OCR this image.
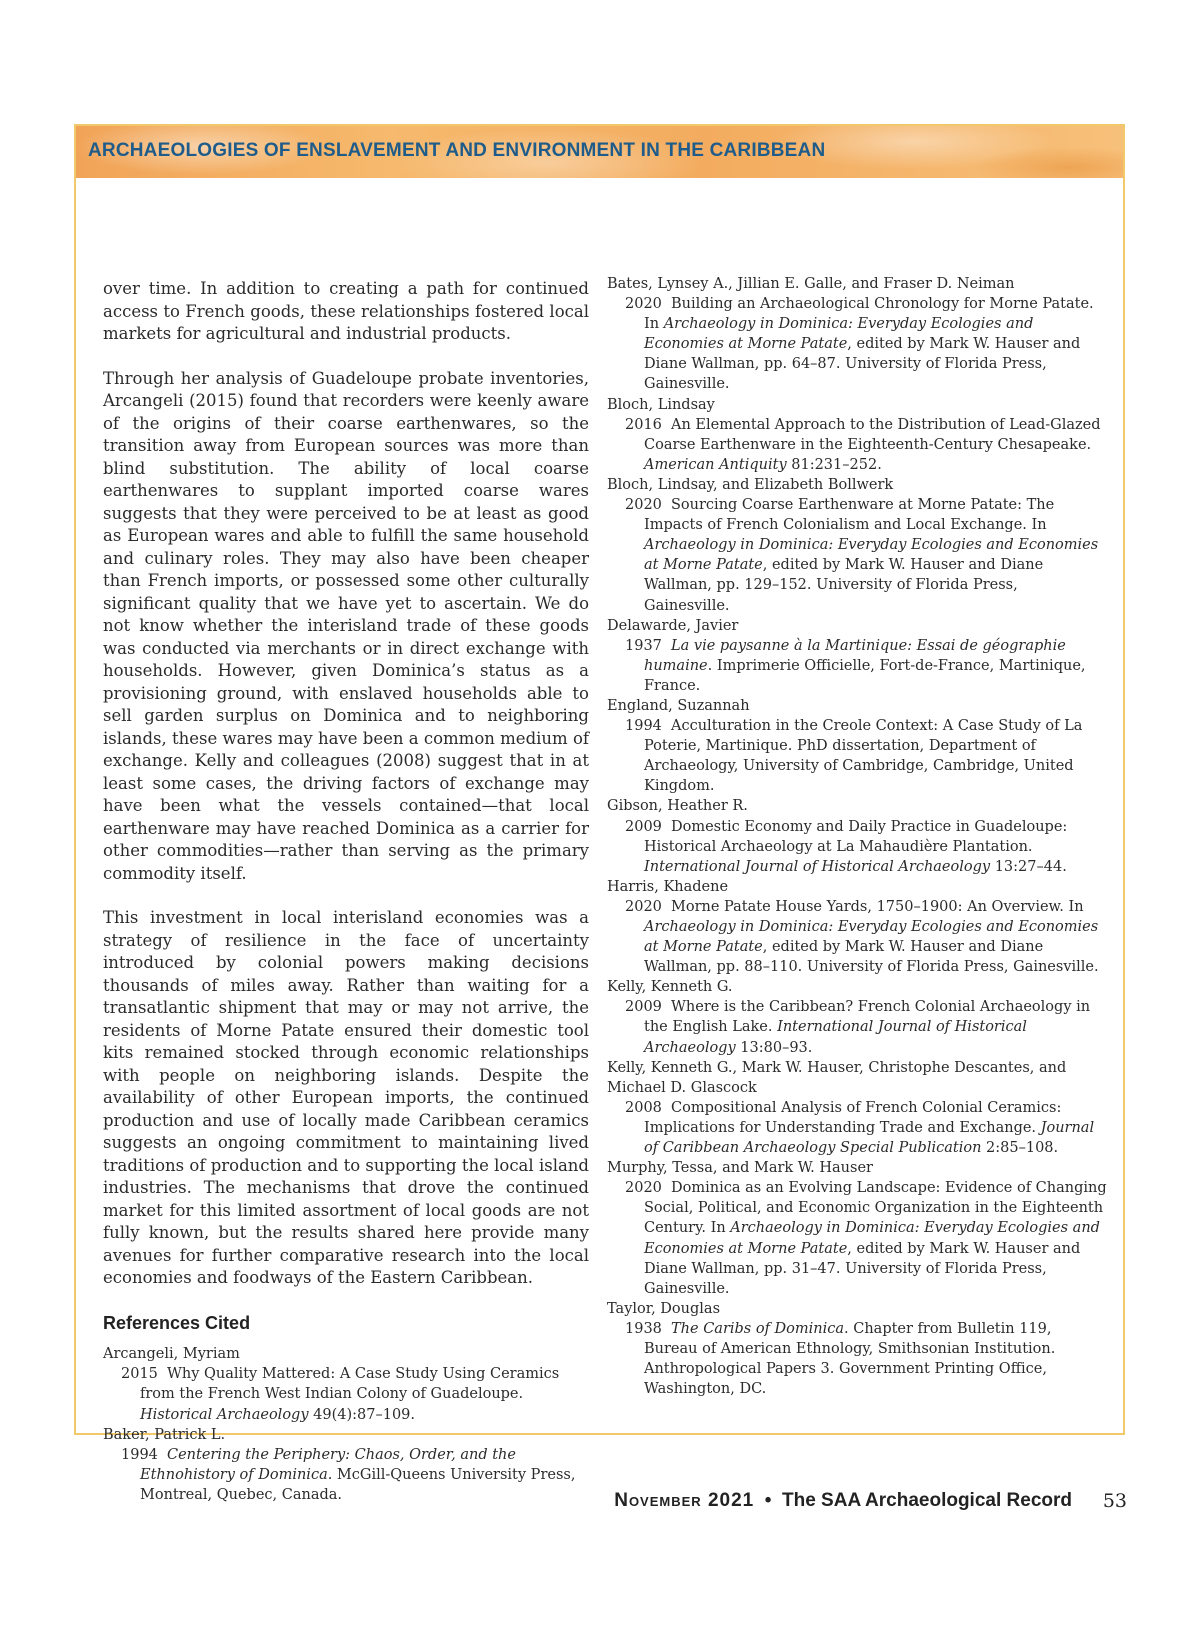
ARCHAEOLOGIES OF ENSLAVEMENT AND ENVIRONMENT IN THE CARIBBEAN

over time. In addition to creating a path for continued access to French goods, these relationships fostered local markets for agricultural and industrial products.

Through her analysis of Guadeloupe probate inventories, Arcangeli (2015) found that recorders were keenly aware of the origins of their coarse earthenwares, so the transition away from European sources was more than blind substitution. The ability of local coarse earthenwares to supplant imported coarse wares suggests that they were perceived to be at least as good as European wares and able to fulfill the same household and culinary roles. They may also have been cheaper than French imports, or possessed some other culturally significant quality that we have yet to ascertain. We do not know whether the interisland trade of these goods was conducted via merchants or in direct exchange with households. However, given Dominica’s status as a provisioning ground, with enslaved households able to sell garden surplus on Dominica and to neighboring islands, these wares may have been a common medium of exchange. Kelly and colleagues (2008) suggest that in at least some cases, the driving factors of exchange may have been what the vessels contained—that local earthenware may have reached Dominica as a carrier for other commodities—rather than serving as the primary commodity itself.

This investment in local interisland economies was a strategy of resilience in the face of uncertainty introduced by colonial powers making decisions thousands of miles away. Rather than waiting for a transatlantic shipment that may or may not arrive, the residents of Morne Patate ensured their domestic tool kits remained stocked through economic relationships with people on neighboring islands. Despite the availability of other European imports, the continued production and use of locally made Caribbean ceramics suggests an ongoing commitment to maintaining lived traditions of production and to supporting the local island industries. The mechanisms that drove the continued market for this limited assortment of local goods are not fully known, but the results shared here provide many avenues for further comparative research into the local economies and foodways of the Eastern Caribbean.

References Cited
Arcangeli, Myriam
2015 Why Quality Mattered: A Case Study Using Ceramics from the French West Indian Colony of Guadeloupe. Historical Archaeology 49(4):87–109.
Baker, Patrick L.
1994 Centering the Periphery: Chaos, Order, and the Ethnohistory of Dominica. McGill-Queens University Press, Montreal, Quebec, Canada.
Bates, Lynsey A., Jillian E. Galle, and Fraser D. Neiman
2020 Building an Archaeological Chronology for Morne Patate. In Archaeology in Dominica: Everyday Ecologies and Economies at Morne Patate, edited by Mark W. Hauser and Diane Wallman, pp. 64–87. University of Florida Press, Gainesville.
Bloch, Lindsay
2016 An Elemental Approach to the Distribution of Lead-Glazed Coarse Earthenware in the Eighteenth-Century Chesapeake. American Antiquity 81:231–252.
Bloch, Lindsay, and Elizabeth Bollwerk
2020 Sourcing Coarse Earthenware at Morne Patate: The Impacts of French Colonialism and Local Exchange. In Archaeology in Dominica: Everyday Ecologies and Economies at Morne Patate, edited by Mark W. Hauser and Diane Wallman, pp. 129–152. University of Florida Press, Gainesville.
Delawarde, Javier
1937 La vie paysanne à la Martinique: Essai de géographie humaine. Imprimerie Officielle, Fort-de-France, Martinique, France.
England, Suzannah
1994 Acculturation in the Creole Context: A Case Study of La Poterie, Martinique. PhD dissertation, Department of Archaeology, University of Cambridge, Cambridge, United Kingdom.
Gibson, Heather R.
2009 Domestic Economy and Daily Practice in Guadeloupe: Historical Archaeology at La Mahaudière Plantation. International Journal of Historical Archaeology 13:27–44.
Harris, Khadene
2020 Morne Patate House Yards, 1750–1900: An Overview. In Archaeology in Dominica: Everyday Ecologies and Economies at Morne Patate, edited by Mark W. Hauser and Diane Wallman, pp. 88–110. University of Florida Press, Gainesville.
Kelly, Kenneth G.
2009 Where is the Caribbean? French Colonial Archaeology in the English Lake. International Journal of Historical Archaeology 13:80–93.
Kelly, Kenneth G., Mark W. Hauser, Christophe Descantes, and Michael D. Glascock
2008 Compositional Analysis of French Colonial Ceramics: Implications for Understanding Trade and Exchange. Journal of Caribbean Archaeology Special Publication 2:85–108.
Murphy, Tessa, and Mark W. Hauser
2020 Dominica as an Evolving Landscape: Evidence of Changing Social, Political, and Economic Organization in the Eighteenth Century. In Archaeology in Dominica: Everyday Ecologies and Economies at Morne Patate, edited by Mark W. Hauser and Diane Wallman, pp. 31–47. University of Florida Press, Gainesville.
Taylor, Douglas
1938 The Caribs of Dominica. Chapter from Bulletin 119, Bureau of American Ethnology, Smithsonian Institution. Anthropological Papers 3. Government Printing Office, Washington, DC.
November 2021 • The SAA Archaeological Record 53
